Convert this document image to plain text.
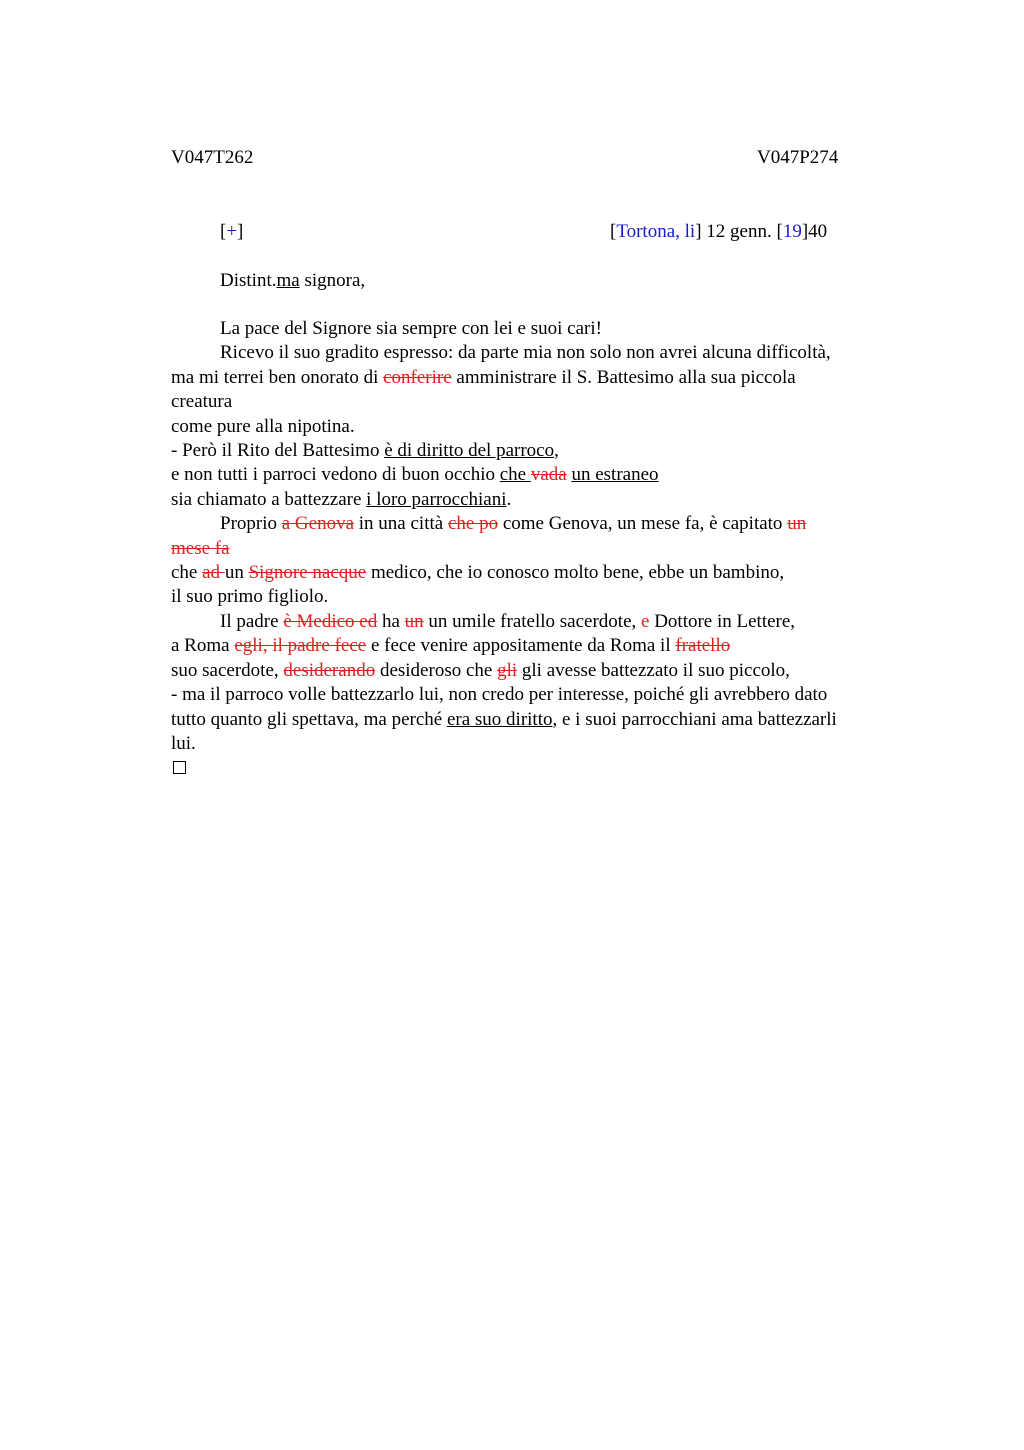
V047T262	V047P274
[+]	[Tortona, li] 12 genn. [19]40
Distint.ma signora,
La pace del Signore sia sempre con lei e suoi cari!
Ricevo il suo gradito espresso: da parte mia non solo non avrei alcuna difficoltà,
ma mi terrei ben onorato di conferire amministrare il S. Battesimo alla sua piccola
creatura
come pure alla nipotina.
- Però il Rito del Battesimo è di diritto del parroco,
e non tutti i parroci vedono di buon occhio che vada un estraneo
sia chiamato a battezzare i loro parrocchiani.
Proprio a Genova in una città che po come Genova, un mese fa, è capitato un
mese fa
che ad un Signore nacque medico, che io conosco molto bene, ebbe un bambino,
il suo primo figliolo.
Il padre è Medico ed ha un un umile fratello sacerdote, e Dottore in Lettere,
a Roma egli, il padre fece e fece venire appositamente da Roma il fratello
suo sacerdote, desiderando desideroso che gli gli avesse battezzato il suo piccolo,
- ma il parroco volle battezzarlo lui, non credo per interesse, poiché gli avrebbero dato
tutto quanto gli spettava, ma perché era suo diritto, e i suoi parrocchiani ama battezzarli
lui.
